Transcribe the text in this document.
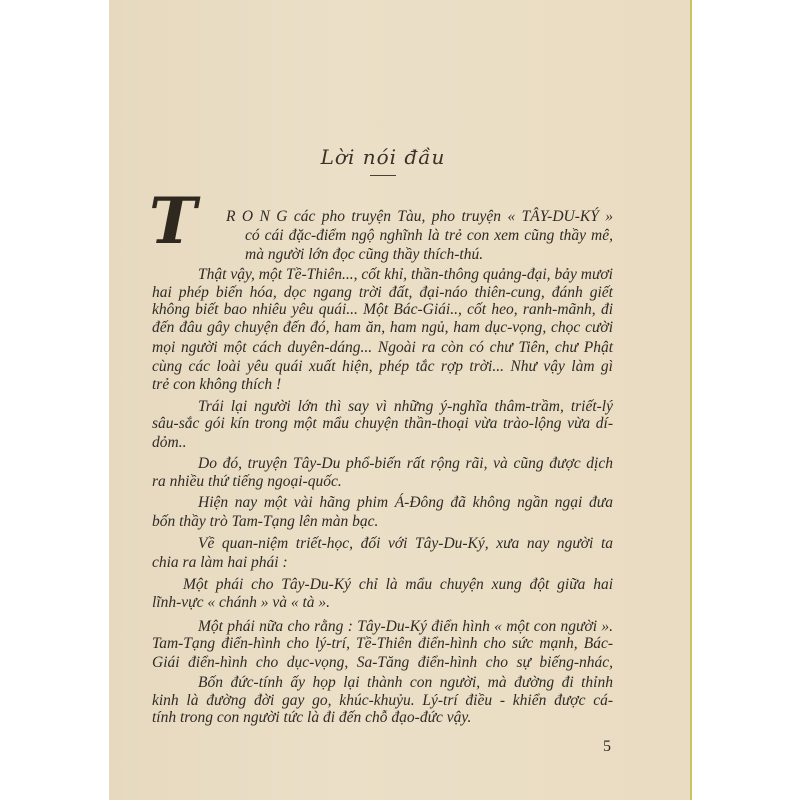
Lời nói đầu
T R O N G các pho truyện Tàu, pho truyện « TÂY-DU-KÝ »
có cái đặc-điểm ngộ nghĩnh là trẻ con xem cũng thầy mê,
mà người lớn đọc cũng thầy thích-thú.
Thật vậy, một Tề-Thiên..., cốt khỉ, thần-thông quảng-đại, bảy mươi
hai phép biến hóa, dọc ngang trời đất, đại-náo thiên-cung, đánh giết
không biết bao nhiêu yêu quái... Một Bác-Giái.., cốt heo, ranh-mãnh, đi
đến đâu gây chuyện đến đó, ham ăn, ham ngủ, ham dục-vọng, chọc cười
mọi người một cách duyên-dáng... Ngoài ra còn có chư Tiên, chư Phật
cùng các loài yêu quái xuất hiện, phép tắc rợp trời... Như vậy làm gì
trẻ con không thích !
Trái lại người lớn thì say vì những ý-nghĩa thâm-trầm, triết-lý
sâu-sắc gói kín trong một mẩu chuyện thần-thoại vừa trào-lộng vừa dí-
dỏm..
Do đó, truyện Tây-Du phổ-biến rất rộng rãi, và cũng được dịch
ra nhiều thứ tiếng ngoại-quốc.
Hiện nay một vài hãng phim Á-Đông đã không ngần ngại đưa
bốn thầy trò Tam-Tạng lên màn bạc.
Về quan-niệm triết-học, đối với Tây-Du-Ký, xưa nay người ta
chia ra làm hai phái :
Một phái cho Tây-Du-Ký chỉ là mẩu chuyện xung đột giữa hai
lĩnh-vực « chánh » và « tà ».
Một phái nữa cho rằng : Tây-Du-Ký điển hình « một con người ».
Tam-Tạng điển-hình cho lý-trí, Tề-Thiên điển-hình cho sức mạnh, Bác-
Giái điển-hình cho dục-vọng, Sa-Tăng điển-hình cho sự biếng-nhác,
Bốn đức-tính ấy họp lại thành con người, mà đường đi thỉnh
kinh là đường đời gay go, khúc-khuỷu. Lý-trí điều - khiển được cá-
tính trong con người tức là đi đến chỗ đạo-đức vậy.
5
